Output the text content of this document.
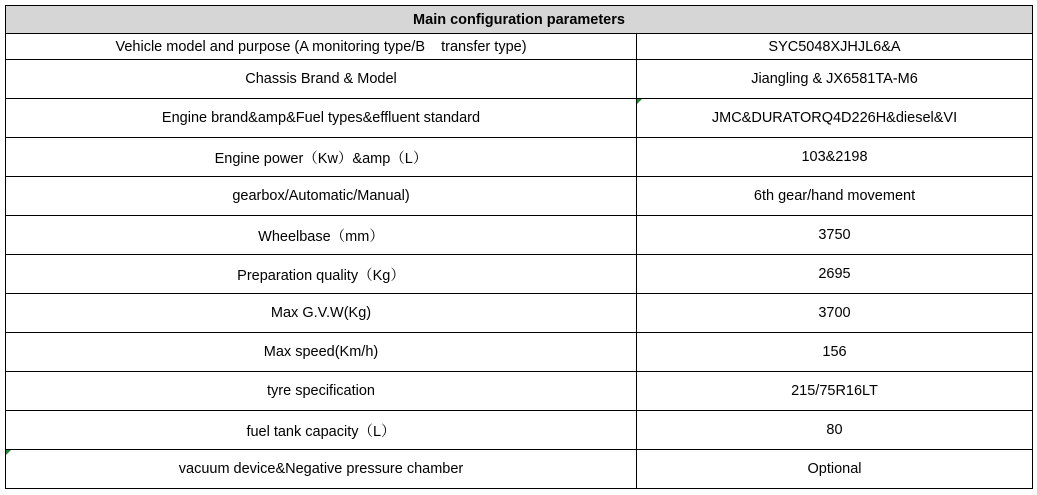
Main configuration parameters	
Vehicle model and purpose (A monitoring type/B    transfer type)	SYC5048XJHJL6&A
Chassis Brand & Model	Jiangling & JX6581TA-M6
Engine brand&amp&Fuel types&effluent standard	JMC&DURATORQ4D226H&diesel&VI
Engine power（Kw）&amp（L）	103&2198
gearbox/Automatic/Manual)	6th gear/hand movement
Wheelbase（mm）	3750
Preparation quality（Kg）	2695
Max G.V.W(Kg)	3700
Max speed(Km/h)	156
tyre specification	215/75R16LT
fuel tank capacity（L）	80

vacuum device&Negative pressure chamber	Optional
